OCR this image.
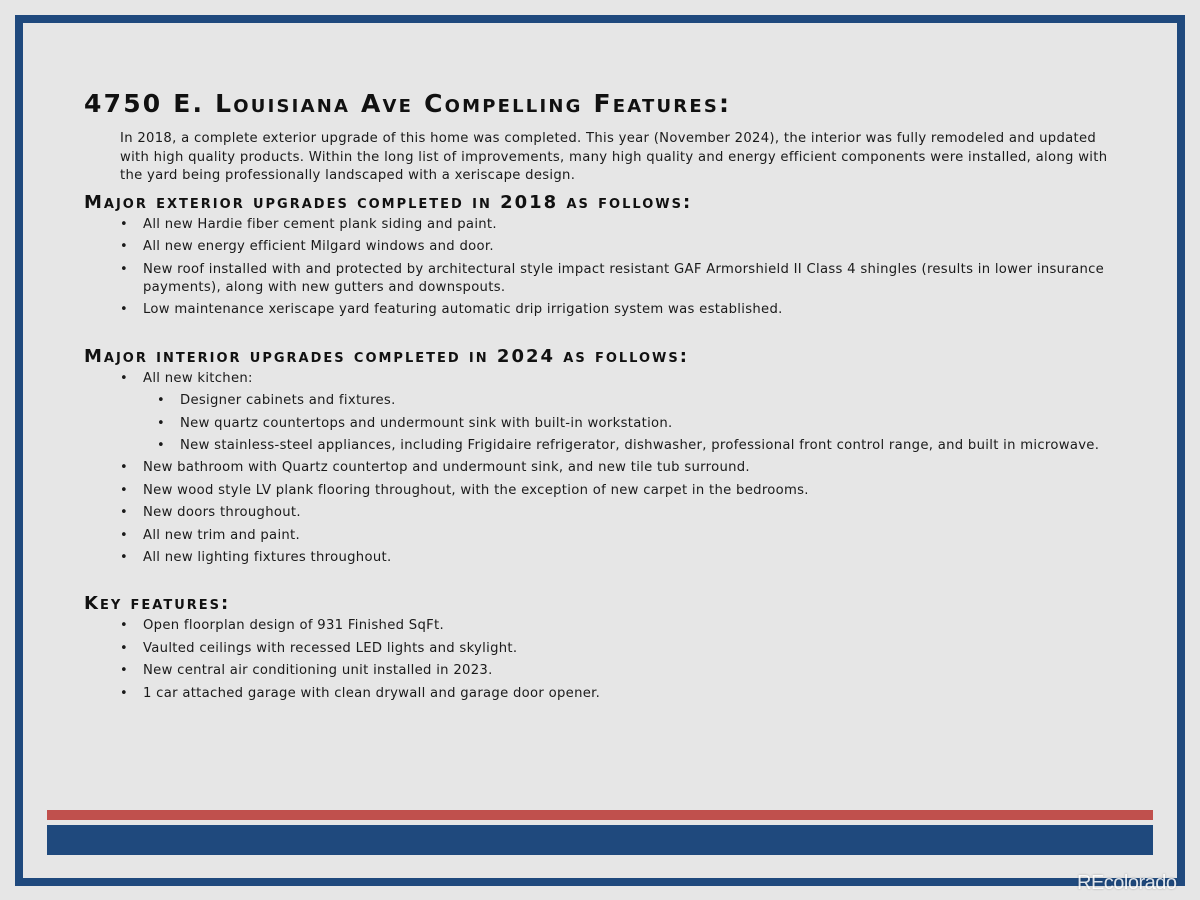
4750 E. Louisiana Ave Compelling Features:

In 2018, a complete exterior upgrade of this home was completed. This year (November 2024), the interior was fully remodeled and updated with high quality products. Within the long list of improvements, many high quality and energy efficient components were installed, along with the yard being professionally landscaped with a xeriscape design.

Major exterior upgrades completed in 2018 as follows:
• All new Hardie fiber cement plank siding and paint.
• All new energy efficient Milgard windows and door.
• New roof installed with and protected by architectural style impact resistant GAF Armorshield II Class 4 shingles (results in lower insurance payments), along with new gutters and downspouts.
• Low maintenance xeriscape yard featuring automatic drip irrigation system was established.
Major interior upgrades completed in 2024 as follows:
• All new kitchen:
• Designer cabinets and fixtures.
• New quartz countertops and undermount sink with built-in workstation.
• New stainless-steel appliances, including Frigidaire refrigerator, dishwasher, professional front control range, and built in microwave.
• New bathroom with Quartz countertop and undermount sink, and new tile tub surround.
• New wood style LV plank flooring throughout, with the exception of new carpet in the bedrooms.
• New doors throughout.
• All new trim and paint.
• All new lighting fixtures throughout.
Key features:
• Open floorplan design of 931 Finished SqFt.
• Vaulted ceilings with recessed LED lights and skylight.
• New central air conditioning unit installed in 2023.
• 1 car attached garage with clean drywall and garage door opener.
REcolorado
